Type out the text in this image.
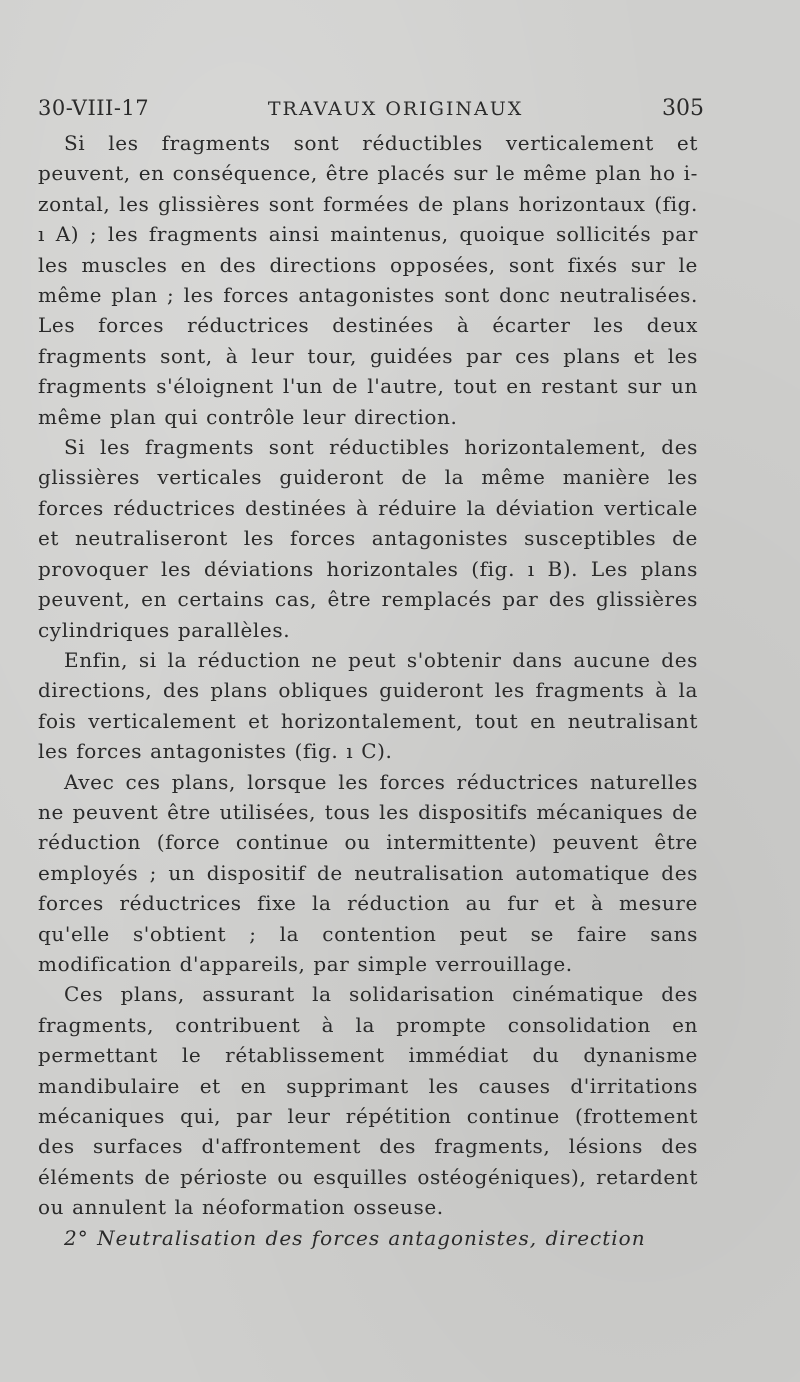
30-VIII-17	TRAVAUX ORIGINAUX	305

Si les fragments sont réductibles verticalement et peuvent, en conséquence, être placés sur le même plan ho i-zontal, les glissières sont formées de plans horizontaux (fig. ı A) ; les fragments ainsi maintenus, quoique sollicités par les muscles en des directions opposées, sont fixés sur le même plan ; les forces antagonistes sont donc neutralisées. Les forces réductrices destinées à écarter les deux fragments sont, à leur tour, guidées par ces plans et les fragments s'éloignent l'un de l'autre, tout en restant sur un même plan qui contrôle leur direction.

Si les fragments sont réductibles horizontalement, des glissières verticales guideront de la même manière les forces réductrices destinées à réduire la déviation verticale et neutraliseront les forces antagonistes susceptibles de provoquer les déviations horizontales (fig. ı B). Les plans peuvent, en certains cas, être remplacés par des glissières cylindriques parallèles.

Enfin, si la réduction ne peut s'obtenir dans aucune des directions, des plans obliques guideront les fragments à la fois verticalement et horizontalement, tout en neutralisant les forces antagonistes (fig. ı C).

Avec ces plans, lorsque les forces réductrices naturelles ne peuvent être utilisées, tous les dispositifs mécaniques de réduction (force continue ou intermittente) peuvent être employés ; un dispositif de neutralisation automatique des forces réductrices fixe la réduction au fur et à mesure qu'elle s'obtient ; la contention peut se faire sans modification d'appareils, par simple verrouillage.

Ces plans, assurant la solidarisation cinématique des fragments, contribuent à la prompte consolidation en permettant le rétablissement immédiat du dynanisme mandibulaire et en supprimant les causes d'irritations mécaniques qui, par leur répétition continue (frottement des surfaces d'affrontement des fragments, lésions des éléments de périoste ou esquilles ostéogéniques), retardent ou annulent la néoformation osseuse.

2° Neutralisation des forces antagonistes, direction
